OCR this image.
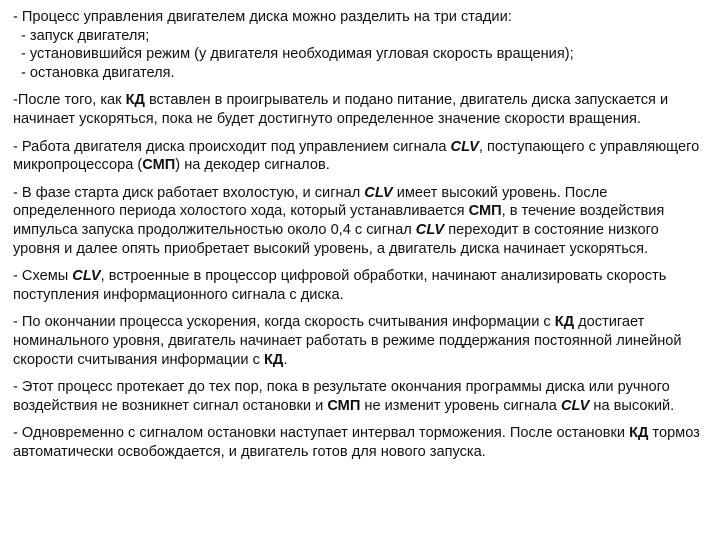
- Процесс управления двигателем диска можно разделить на три стадии:
- запуск двигателя;
- установившийся режим (у двигателя необходимая угловая скорость вращения);
- остановка двигателя.

-После того, как КД вставлен в проигрыватель и подано питание, двигатель диска запускается и начинает ускоряться, пока не будет достигнуто определенное значение скорости вращения.

- Работа двигателя диска происходит под управлением сигнала CLV, поступающего с управляющего микропроцессора (СМП) на декодер сигналов.

- В фазе старта диск работает вхолостую, и сигнал CLV имеет высокий уровень. После определенного периода холостого хода, который устанавливается СМП, в течение воздействия импульса запуска продолжительностью около 0,4 с сигнал CLV переходит в состояние низкого уровня и далее опять приобретает высокий уровень, а двигатель диска начинает ускоряться.

- Схемы CLV, встроенные в процессор цифровой обработки, начинают анализировать скорость поступления информационного сигнала с диска.

- По окончании процесса ускорения, когда скорость считывания информации с КД достигает номинального уровня, двигатель начинает работать в режиме поддержания постоянной линейной скорости считывания информации с КД.

- Этот процесс протекает до тех пор, пока в результате окончания программы диска или ручного воздействия не возникнет сигнал остановки и СМП не изменит уровень сигнала CLV на высокий.

- Одновременно с сигналом остановки наступает интервал торможения. После остановки КД тормоз автоматически освобождается, и двигатель готов для нового запуска.
